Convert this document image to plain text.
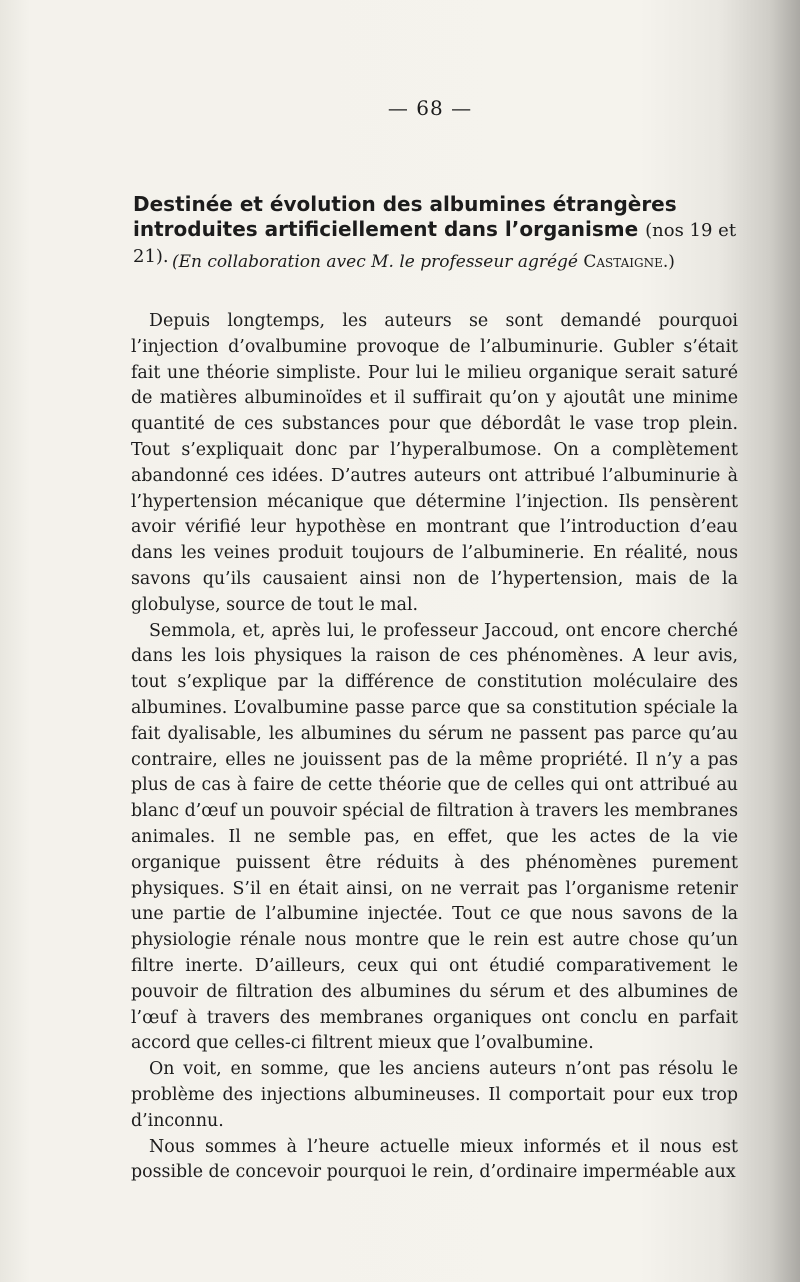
— 68 —
Destinée et évolution des albumines étrangères introduites artificiellement dans l’organisme (nos 19 et 21). (En collaboration avec M. le professeur agrégé Castaigne.)

Depuis longtemps, les auteurs se sont demandé pourquoi l’injection d’ovalbumine provoque de l’albuminurie. Gubler s’était fait une théorie simpliste. Pour lui le milieu organique serait saturé de matières albuminoïdes et il suffirait qu’on y ajoutât une minime quantité de ces substances pour que débordât le vase trop plein. Tout s’expliquait donc par l’hyperalbumose. On a complètement abandonné ces idées. D’autres auteurs ont attribué l’albuminurie à l’hypertension mécanique que détermine l’injection. Ils pensèrent avoir vérifié leur hypothèse en montrant que l’introduction d’eau dans les veines produit toujours de l’albuminerie. En réalité, nous savons qu’ils causaient ainsi non de l’hypertension, mais de la globulyse, source de tout le mal.

Semmola, et, après lui, le professeur Jaccoud, ont encore cherché dans les lois physiques la raison de ces phénomènes. A leur avis, tout s’explique par la différence de constitution moléculaire des albumines. L’ovalbumine passe parce que sa constitution spéciale la fait dyalisable, les albumines du sérum ne passent pas parce qu’au contraire, elles ne jouissent pas de la même propriété. Il n’y a pas plus de cas à faire de cette théorie que de celles qui ont attribué au blanc d’œuf un pouvoir spécial de filtration à travers les membranes animales. Il ne semble pas, en effet, que les actes de la vie organique puissent être réduits à des phénomènes purement physiques. S’il en était ainsi, on ne verrait pas l’organisme retenir une partie de l’albumine injectée. Tout ce que nous savons de la physiologie rénale nous montre que le rein est autre chose qu’un filtre inerte. D’ailleurs, ceux qui ont étudié comparativement le pouvoir de filtration des albumines du sérum et des albumines de l’œuf à travers des membranes organiques ont conclu en parfait accord que celles-ci filtrent mieux que l’ovalbumine.

On voit, en somme, que les anciens auteurs n’ont pas résolu le problème des injections albumineuses. Il comportait pour eux trop d’inconnu.

Nous sommes à l’heure actuelle mieux informés et il nous est possible de concevoir pourquoi le rein, d’ordinaire imperméable aux
